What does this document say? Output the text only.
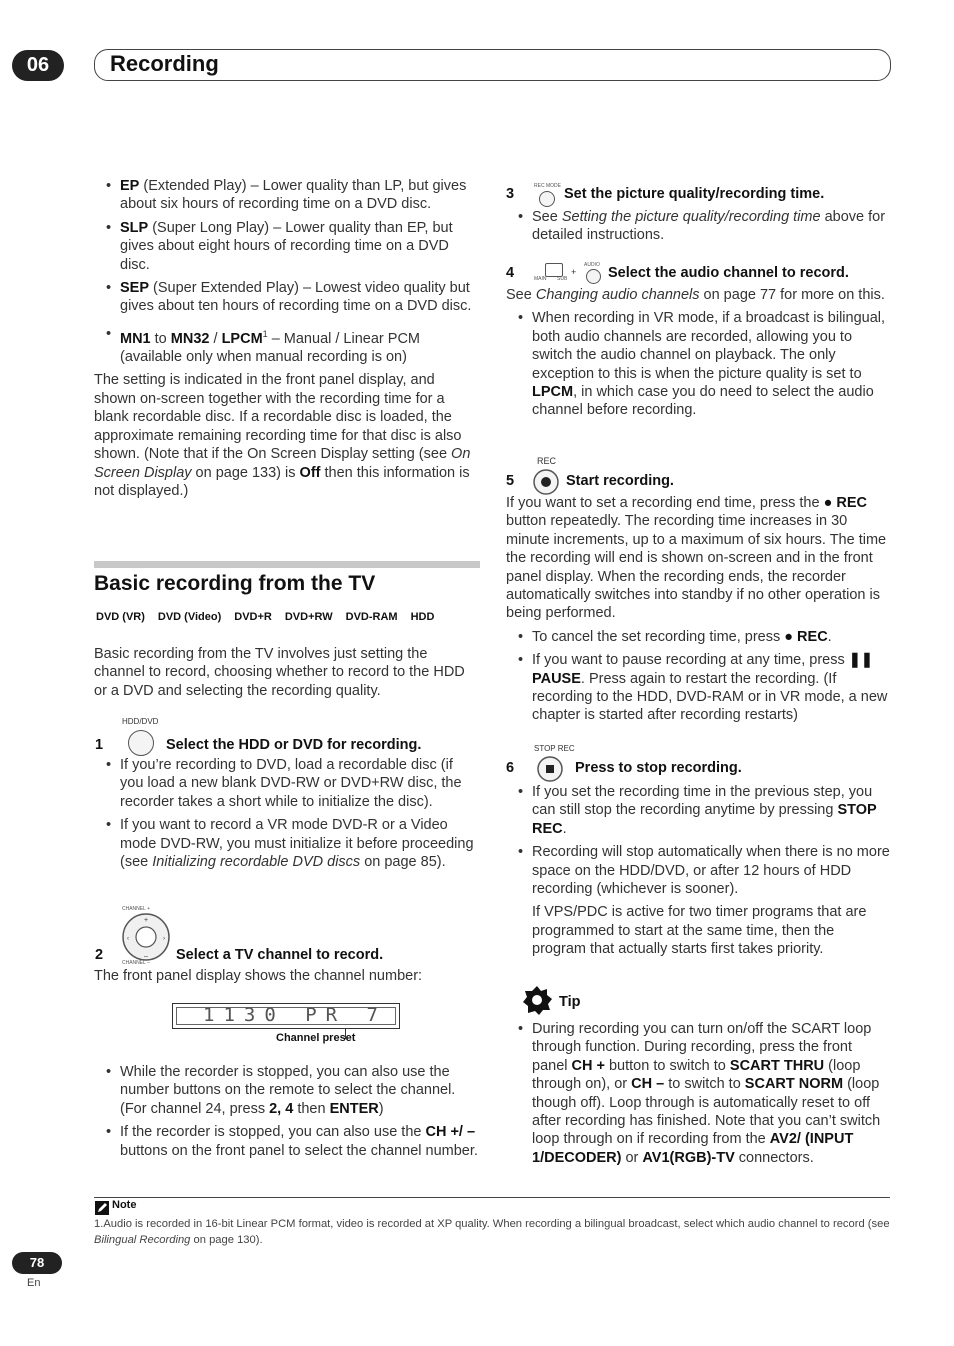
06	Recording

• EP (Extended Play) – Lower quality than LP, but gives about six hours of recording time on a DVD disc.

• SLP (Super Long Play) – Lower quality than EP, but gives about eight hours of recording time on a DVD disc.

• SEP (Super Extended Play) – Lowest video quality but gives about ten hours of recording time on a DVD disc.

• MN1 to MN32 / LPCM$^1$ – Manual / Linear PCM (available only when manual recording is on)

The setting is indicated in the front panel display, and shown on-screen together with the recording time for a blank recordable disc. If a recordable disc is loaded, the approximate remaining recording time for that disc is also shown. (Note that if the On Screen Display setting (see On Screen Display on page 133) is Off then this information is not displayed.)

Basic recording from the TV
DVD (VR) DVD (Video) DVD+R DVD+RW DVD-RAM HDD
Basic recording from the TV involves just setting the channel to record, choosing whether to record to the HDD or a DVD and selecting the recording quality.
HDD/DVD
1	Select the HDD or DVD for recording.

• If you’re recording to DVD, load a recordable disc (if you load a new blank DVD-RW or DVD+RW disc, the recorder takes a short while to initialize the disc).

• If you want to record a VR mode DVD-R or a Video mode DVD-RW, you must initialize it before proceeding (see Initializing recordable DVD discs on page 85).

CHANNEL +
+
–
‹	›
CHANNEL –
2	Select a TV channel to record.
The front panel display shows the channel number:
1130 PR 7
Channel preset

• While the recorder is stopped, you can also use the number buttons on the remote to select the channel. (For channel 24, press 2, 4 then ENTER)

• If the recorder is stopped, you can also use the CH +/ – buttons on the front panel to select the channel number.

REC MODE
3	Set the picture quality/recording time.

• See Setting the picture quality/recording time above for detailed instructions.

AUDIO
MAIN SUB
+
4	Select the audio channel to record.

See Changing audio channels on page 77 for more on this.

• When recording in VR mode, if a broadcast is bilingual, both audio channels are recorded, allowing you to switch the audio channel on playback. The only exception to this is when the picture quality is set to LPCM, in which case you do need to select the audio channel before recording.

REC
5	Start recording.

If you want to set a recording end time, press the ● REC button repeatedly. The recording time increases in 30 minute increments, up to a maximum of six hours. The time the recording will end is shown on-screen and in the front panel display. When the recording ends, the recorder automatically switches into standby if no other operation is being performed.

• To cancel the set recording time, press ● REC.

• If you want to pause recording at any time, press ❚❚ PAUSE. Press again to restart the recording. (If recording to the HDD, DVD-RAM or in VR mode, a new chapter is started after recording restarts)

STOP REC
6	Press to stop recording.

• If you set the recording time in the previous step, you can still stop the recording anytime by pressing STOP REC.

• Recording will stop automatically when there is no more space on the HDD/DVD, or after 12 hours of HDD recording (whichever is sooner).

If VPS/PDC is active for two timer programs that are programmed to start at the same time, then the program that actually starts first takes priority.

Tip

• During recording you can turn on/off the SCART loop through function. During recording, press the front panel CH + button to switch to SCART THRU (loop through on), or CH – to switch to SCART NORM (loop though off). Loop through is automatically reset to off after recording has finished. Note that you can’t switch loop through on if recording from the AV2/ (INPUT 1/DECODER) or AV1(RGB)-TV connectors.

Note
1.Audio is recorded in 16-bit Linear PCM format, video is recorded at XP quality. When recording a bilingual broadcast, select which audio channel to record (see Bilingual Recording on page 130).
78
En
